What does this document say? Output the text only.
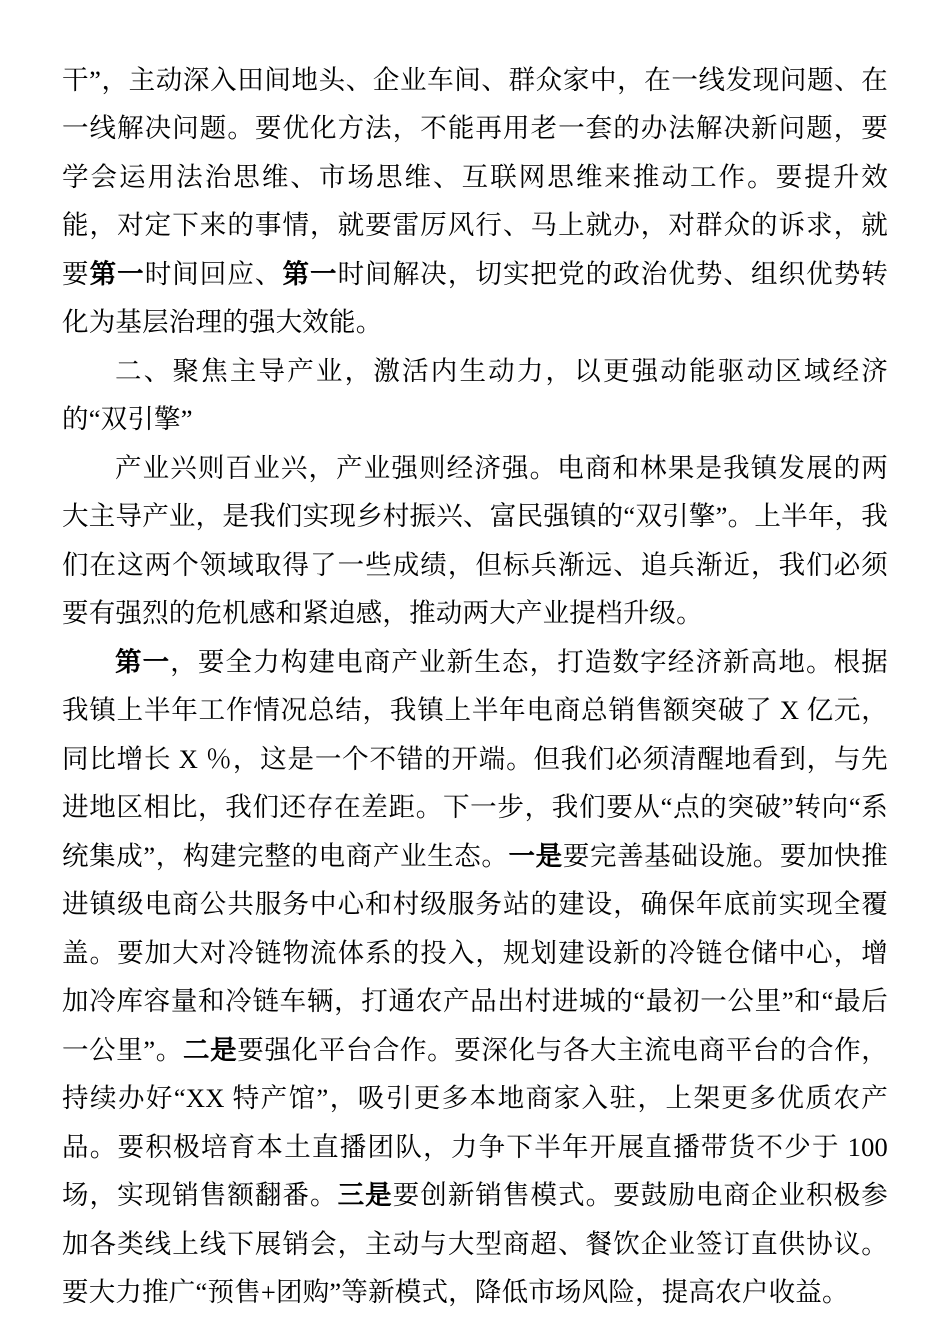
干”，主动深入田间地头、企业车间、群众家中，在一线发现问题、在一线解决问题。要优化方法，不能再用老一套的办法解决新问题，要学会运用法治思维、市场思维、互联网思维来推动工作。要提升效能，对定下来的事情，就要雷厉风行、马上就办，对群众的诉求，就要第一时间回应、第一时间解决，切实把党的政治优势、组织优势转化为基层治理的强大效能。

二、聚焦主导产业，激活内生动力，以更强动能驱动区域经济的“双引擎”

产业兴则百业兴，产业强则经济强。电商和林果是我镇发展的两大主导产业，是我们实现乡村振兴、富民强镇的“双引擎”。上半年，我们在这两个领域取得了一些成绩，但标兵渐远、追兵渐近，我们必须要有强烈的危机感和紧迫感，推动两大产业提档升级。

第一，要全力构建电商产业新生态，打造数字经济新高地。根据我镇上半年工作情况总结，我镇上半年电商总销售额突破了 X 亿元，同比增长 X ％，这是一个不错的开端。但我们必须清醒地看到，与先进地区相比，我们还存在差距。下一步，我们要从“点的突破”转向“系统集成”，构建完整的电商产业生态。一是要完善基础设施。要加快推进镇级电商公共服务中心和村级服务站的建设，确保年底前实现全覆盖。要加大对冷链物流体系的投入，规划建设新的冷链仓储中心，增加冷库容量和冷链车辆，打通农产品出村进城的“最初一公里”和“最后一公里”。二是要强化平台合作。要深化与各大主流电商平台的合作，持续办好“XX 特产馆”，吸引更多本地商家入驻，上架更多优质农产品。要积极培育本土直播团队，力争下半年开展直播带货不少于 100 场，实现销售额翻番。三是要创新销售模式。要鼓励电商企业积极参加各类线上线下展销会，主动与大型商超、餐饮企业签订直供协议。要大力推广“预售+团购”等新模式，降低市场风险，提高农户收益。
